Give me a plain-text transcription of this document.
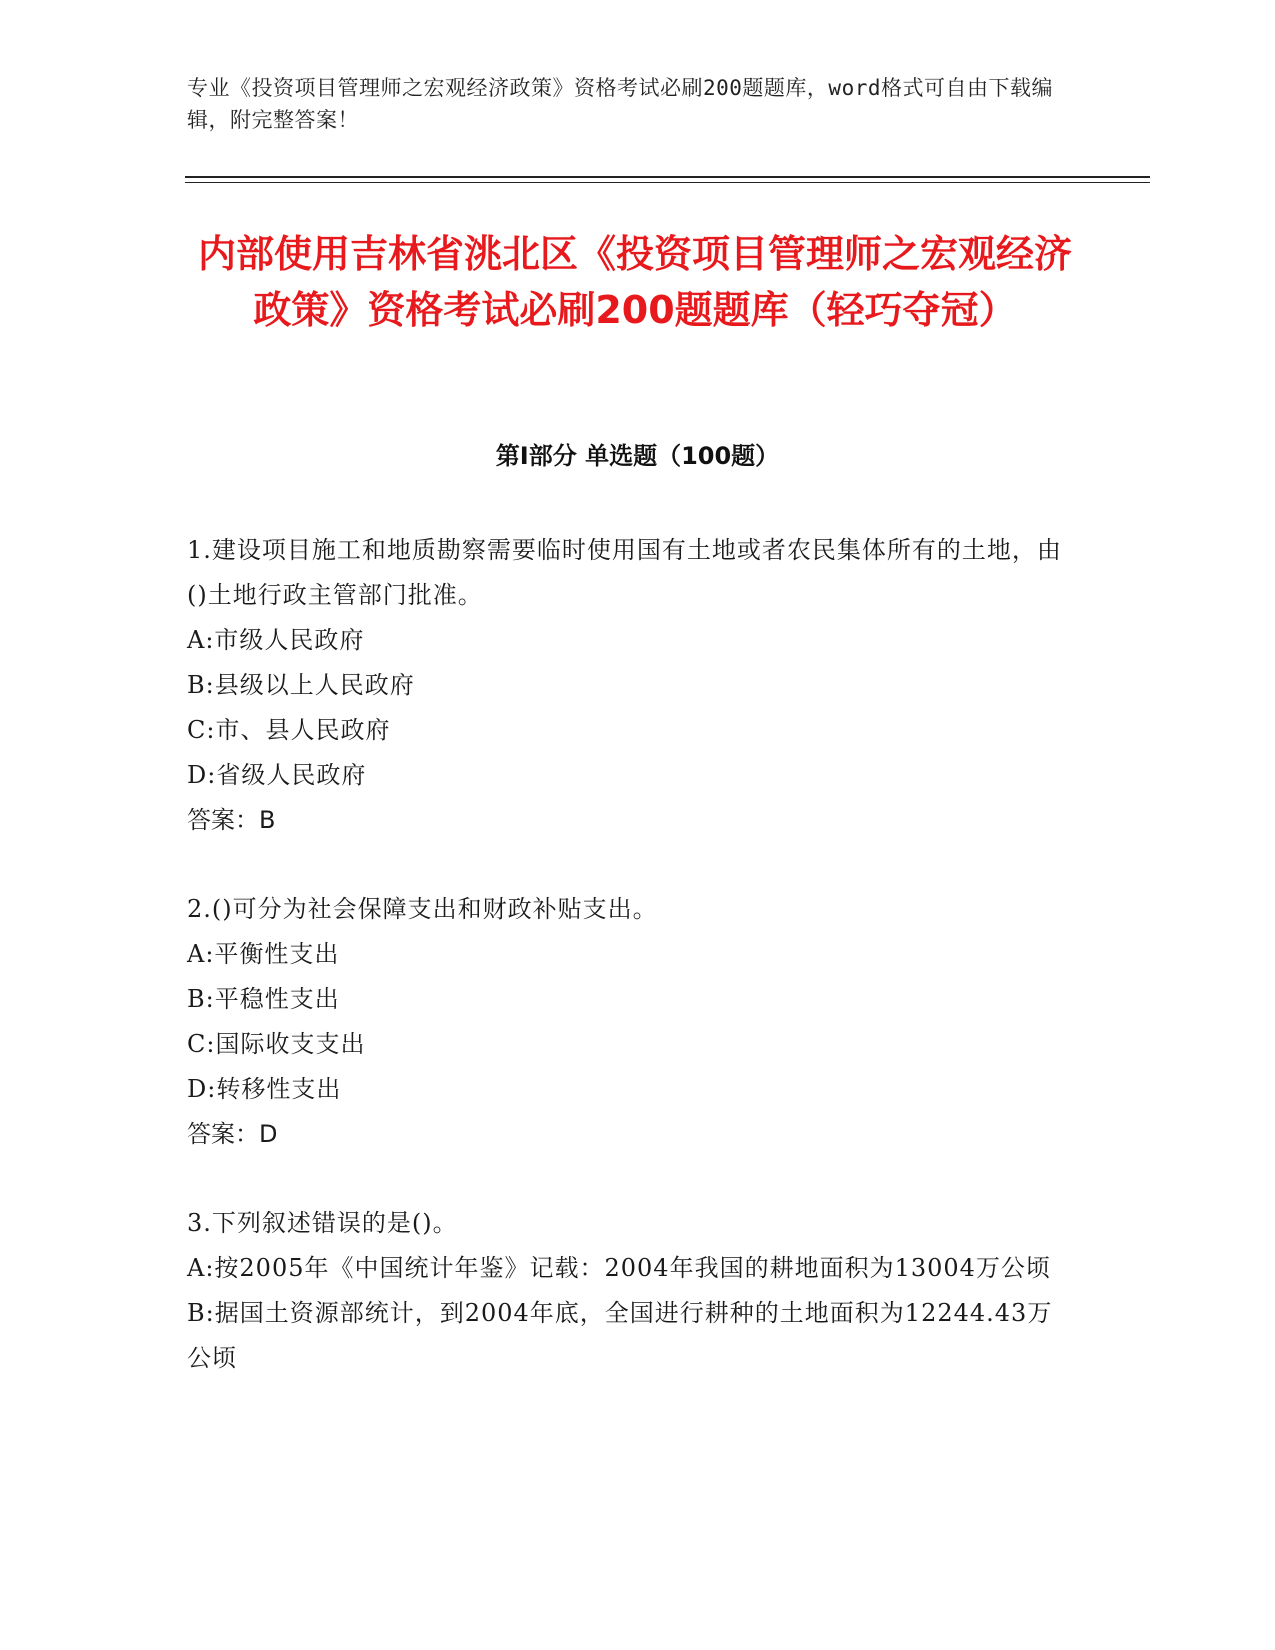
专业《投资项目管理师之宏观经济政策》资格考试必刷200题题库，word格式可自由下载编辑，附完整答案！
内部使用吉林省洮北区《投资项目管理师之宏观经济政策》资格考试必刷200题题库（轻巧夺冠）
第I部分 单选题（100题）
1.建设项目施工和地质勘察需要临时使用国有土地或者农民集体所有的土地，由()土地行政主管部门批准。
A:市级人民政府
B:县级以上人民政府
C:市、县人民政府
D:省级人民政府
答案：B
2.()可分为社会保障支出和财政补贴支出。
A:平衡性支出
B:平稳性支出
C:国际收支支出
D:转移性支出
答案：D
3.下列叙述错误的是()。
A:按2005年《中国统计年鉴》记载：2004年我国的耕地面积为13004万公顷
B:据国土资源部统计，到2004年底，全国进行耕种的土地面积为12244.43万公顷
